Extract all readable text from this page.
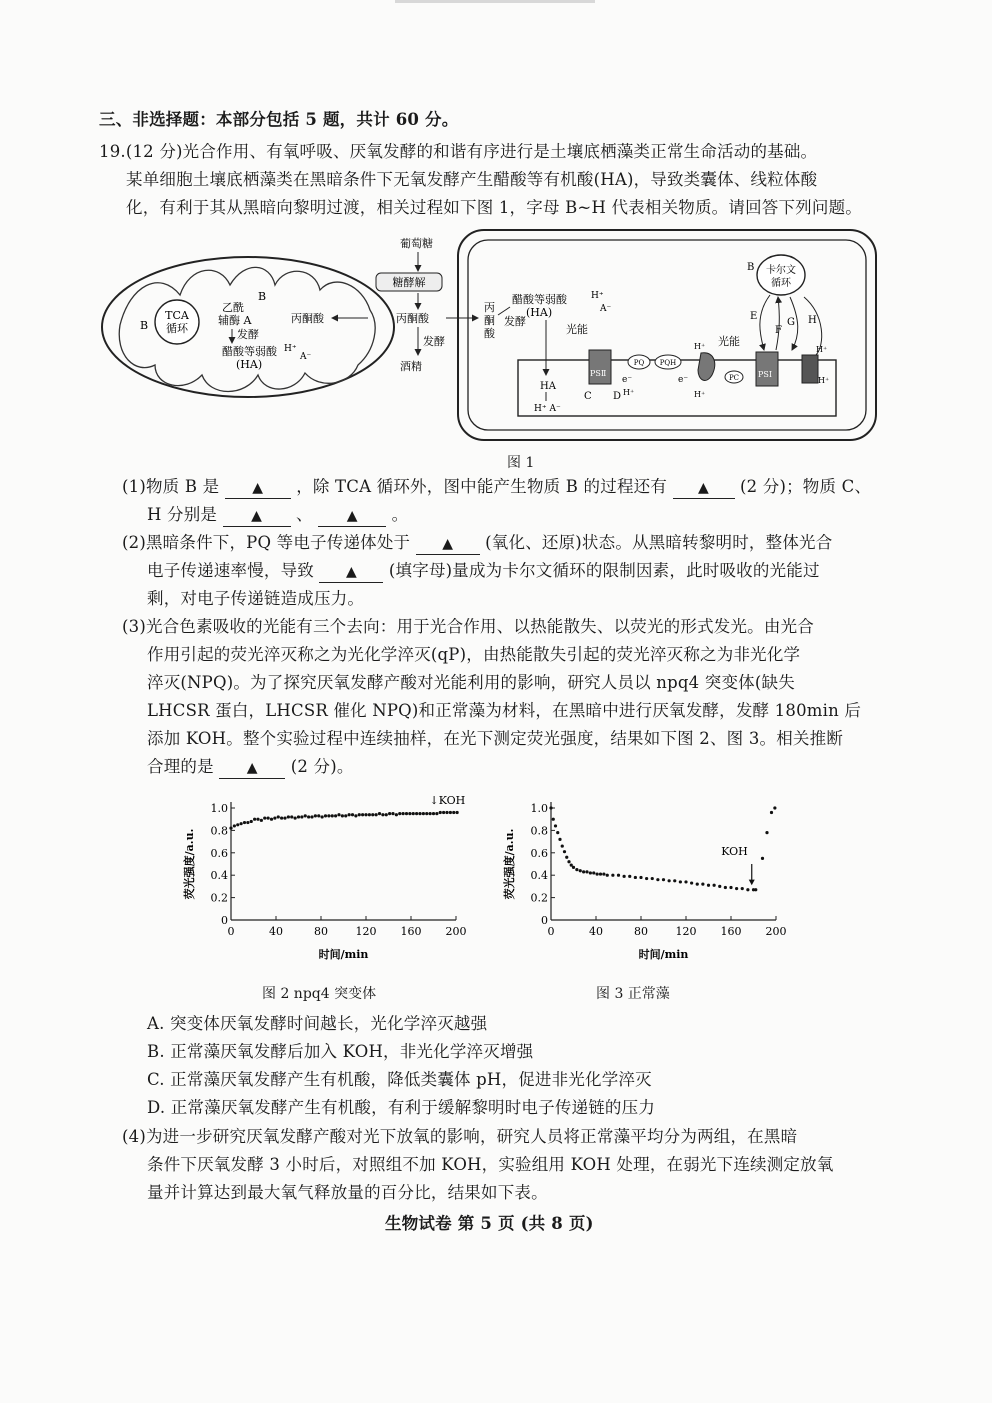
三、非选择题：本部分包括 5 题，共计 60 分。
19.(12 分)光合作用、有氧呼吸、厌氧发酵的和谐有序进行是土壤底栖藻类正常生命活动的基础。
某单细胞土壤底栖藻类在黑暗条件下无氧发酵产生醋酸等有机酸(HA)，导致类囊体、线粒体酸
化，有利于其从黑暗向黎明过渡，相关过程如下图 1，字母 B~H 代表相关物质。请回答下列问题。
TCA
循环
B
乙酰
辅酶 A
B
发酵
醋酸等弱酸
(HA)
H⁺
A⁻
丙酮酸
葡萄糖
糖酵解
丙酮酸
发酵
酒精
丙
酮
酸
发酵
醋酸等弱酸
(HA)
H⁺
A⁻
HA
H⁺ A⁻
光能
PSⅡ
PQ PQH
e⁻	e⁻
C D H⁺
H⁺
H⁺
光能
PC PSⅠ
卡尔文
循环
B
E
F
G H
H⁺
H⁺
图 1
(1)物质 B 是 ▲ ，除 TCA 循环外，图中能产生物质 B 的过程还有 ▲ (2 分)；物质 C、
H 分别是 ▲ 、 ▲ 。
(2)黑暗条件下，PQ 等电子传递体处于 ▲ (氧化、还原)状态。从黑暗转黎明时，整体光合
电子传递速率慢，导致 ▲ (填字母)量成为卡尔文循环的限制因素，此时吸收的光能过
剩，对电子传递链造成压力。
(3)光合色素吸收的光能有三个去向：用于光合作用、以热能散失、以荧光的形式发光。由光合
作用引起的荧光淬灭称之为光化学淬灭(qP)，由热能散失引起的荧光淬灭称之为非光化学
淬灭(NPQ)。为了探究厌氧发酵产酸对光能利用的影响，研究人员以 npq4 突变体(缺失
LHCSR 蛋白，LHCSR 催化 NPQ)和正常藻为材料，在黑暗中进行厌氧发酵，发酵 180min 后
添加 KOH。整个实验过程中连续抽样，在光下测定荧光强度，结果如下图 2、图 3。相关推断
合理的是 ▲ (2 分)。
0
0.2
0.4
0.6
0.8
1.0
0	40	80	120 160 200
时间/min
荧光强度/a.u.
↓KOH
0
0.2
0.4
0.6
0.8
1.0
0	40	80	120 160 200
时间/min
荧光强度/a.u.	KOH
图 2 npq4 突变体	图 3 正常藻
A. 突变体厌氧发酵时间越长，光化学淬灭越强
B. 正常藻厌氧发酵后加入 KOH，非光化学淬灭增强
C. 正常藻厌氧发酵产生有机酸，降低类囊体 pH，促进非光化学淬灭
D. 正常藻厌氧发酵产生有机酸，有利于缓解黎明时电子传递链的压力
(4)为进一步研究厌氧发酵产酸对光下放氧的影响，研究人员将正常藻平均分为两组，在黑暗
条件下厌氧发酵 3 小时后，对照组不加 KOH，实验组用 KOH 处理，在弱光下连续测定放氧
量并计算达到最大氧气释放量的百分比，结果如下表。
生物试卷 第 5 页 (共 8 页)
